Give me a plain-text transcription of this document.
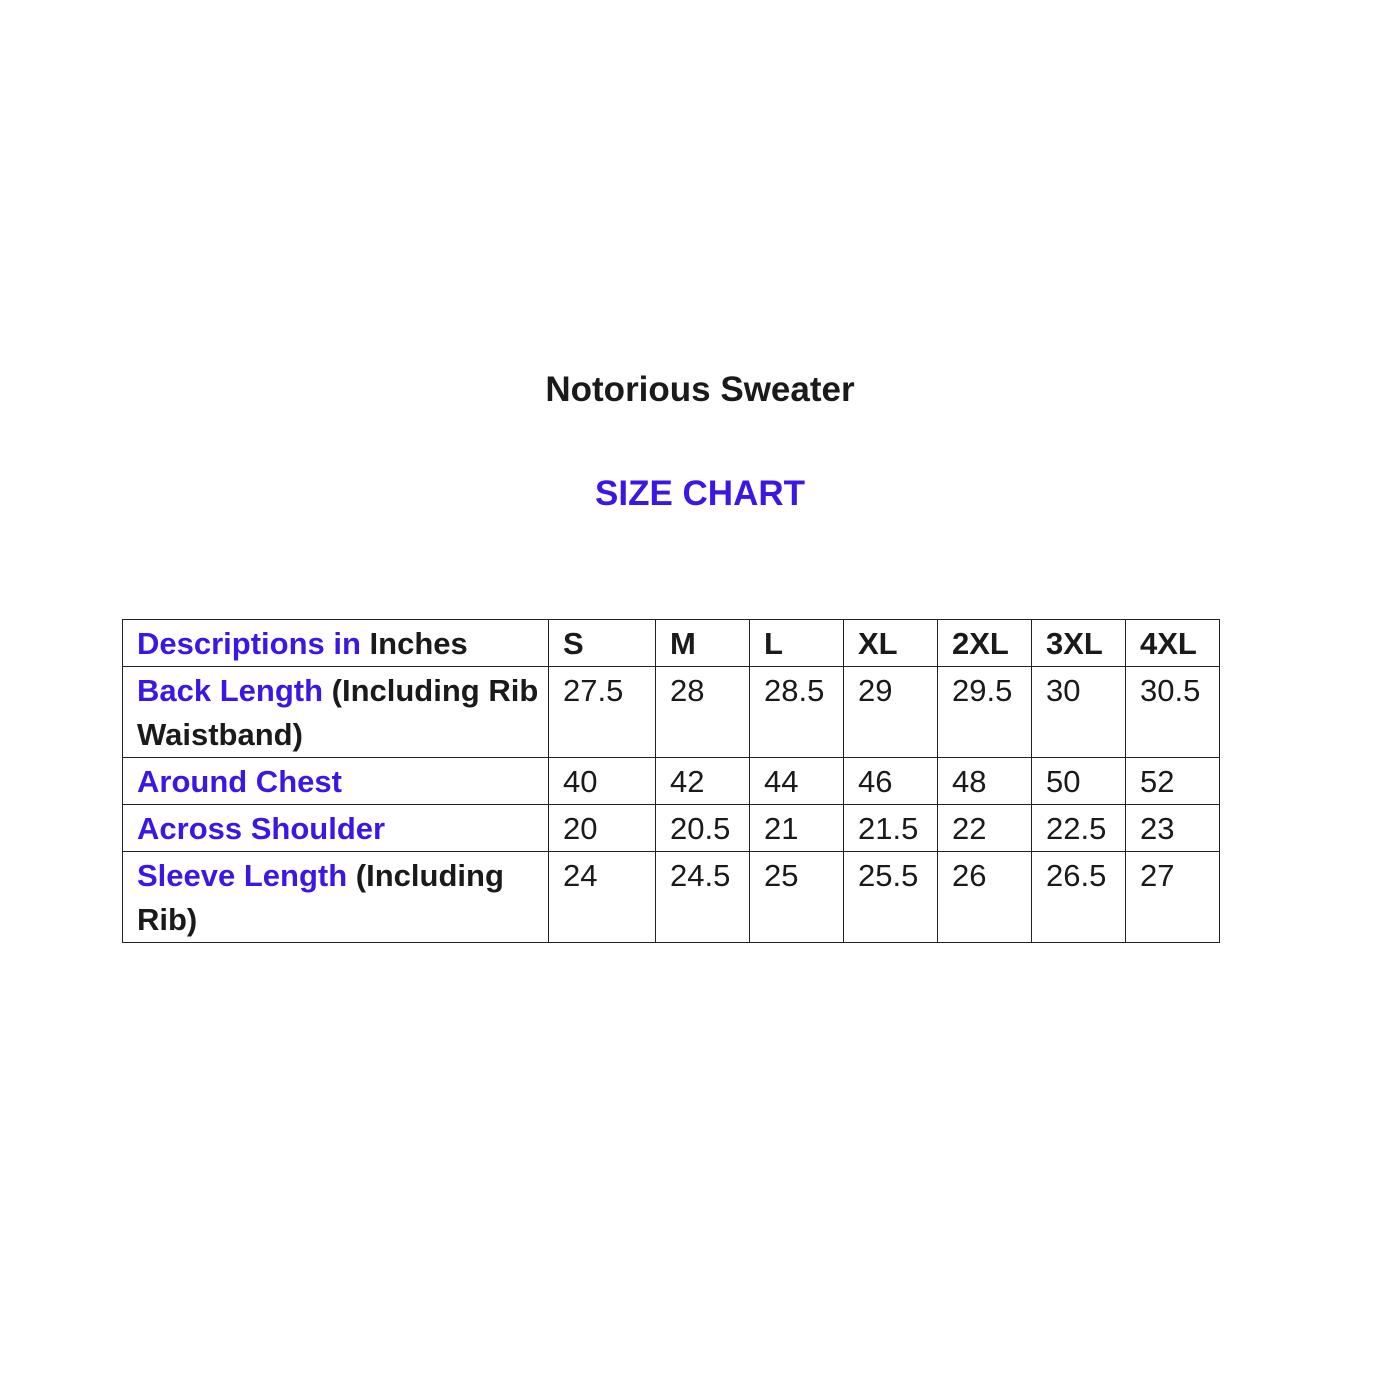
Notorious Sweater
SIZE CHART
Descriptions in Inches	S	M	L	XL	2XL	3XL	4XL
Back Length (Including Rib Waistband)	27.5	28	28.5	29	29.5	30	30.5
Around Chest	40	42	44	46	48	50	52
Across Shoulder	20	20.5	21	21.5	22	22.5	23
Sleeve Length (Including Rib)	24	24.5	25	25.5	26	26.5	27
